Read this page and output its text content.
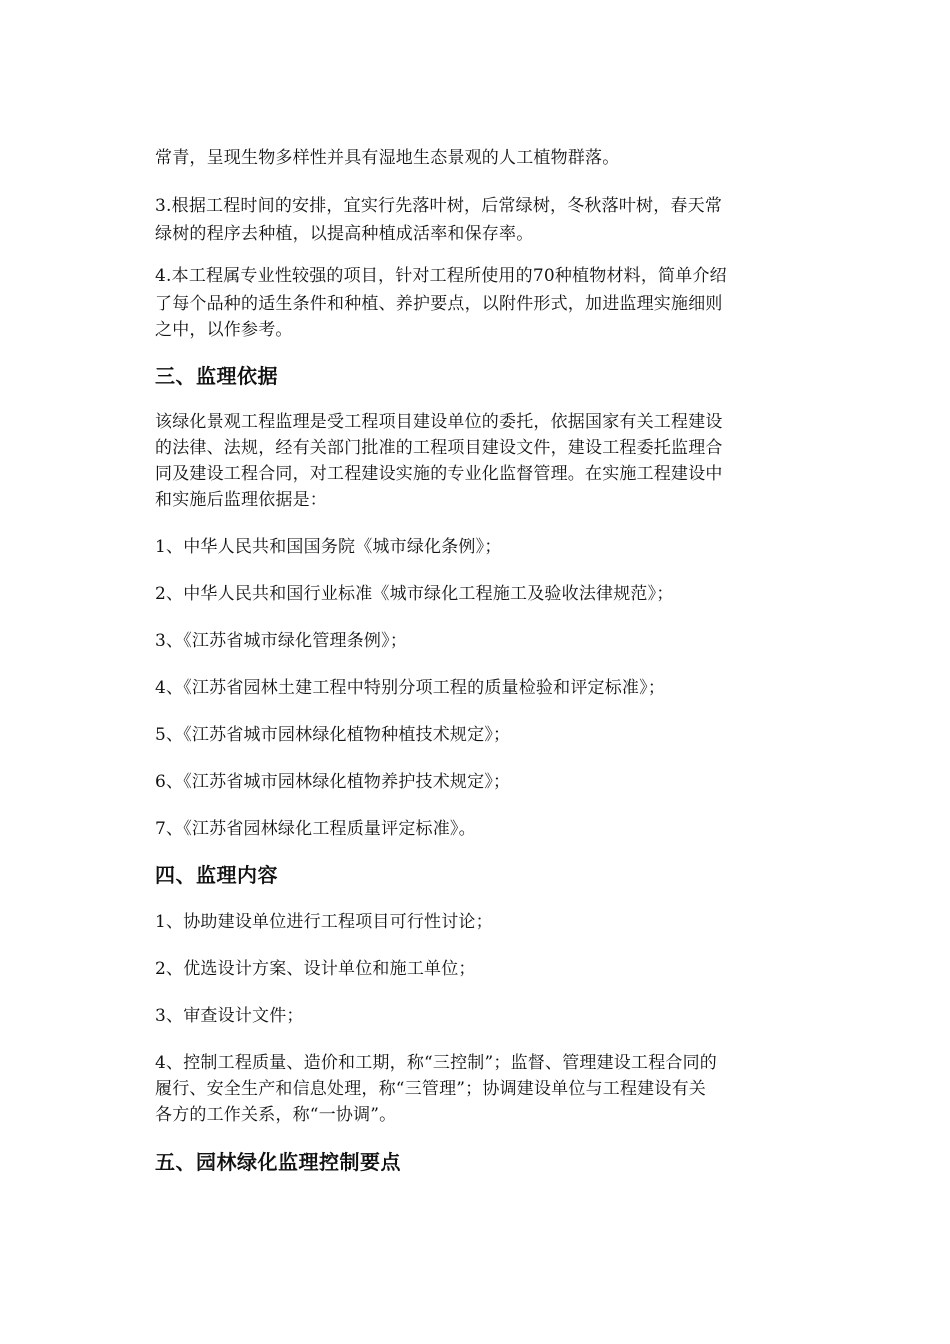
常青，呈现生物多样性并具有湿地生态景观的人工植物群落。
3.根据工程时间的安排，宜实行先落叶树，后常绿树，冬秋落叶树，春天常
绿树的程序去种植，以提高种植成活率和保存率。
4.本工程属专业性较强的项目，针对工程所使用的70种植物材料，简单介绍
了每个品种的适生条件和种植、养护要点，以附件形式，加进监理实施细则
之中，以作参考。
三、监理依据
该绿化景观工程监理是受工程项目建设单位的委托，依据国家有关工程建设
的法律、法规，经有关部门批准的工程项目建设文件，建设工程委托监理合
同及建设工程合同，对工程建设实施的专业化监督管理。在实施工程建设中
和实施后监理依据是：
1、中华人民共和国国务院《城市绿化条例》；
2、中华人民共和国行业标准《城市绿化工程施工及验收法律规范》；
3、《江苏省城市绿化管理条例》；
4、《江苏省园林土建工程中特别分项工程的质量检验和评定标准》；
5、《江苏省城市园林绿化植物种植技术规定》；
6、《江苏省城市园林绿化植物养护技术规定》；
7、《江苏省园林绿化工程质量评定标准》。
四、监理内容
1、协助建设单位进行工程项目可行性讨论；
2、优选设计方案、设计单位和施工单位；
3、审查设计文件；
4、控制工程质量、造价和工期，称“三控制”；监督、管理建设工程合同的
履行、安全生产和信息处理，称“三管理”；协调建设单位与工程建设有关
各方的工作关系，称“一协调”。
五、园林绿化监理控制要点
